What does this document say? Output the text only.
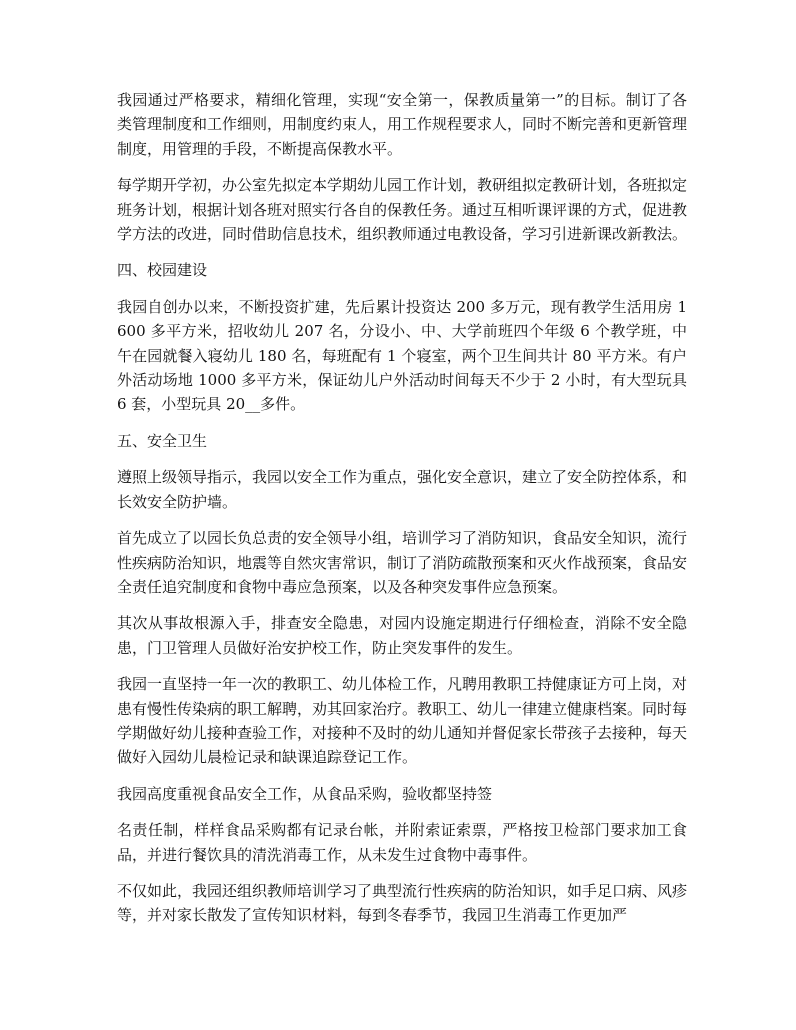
我园通过严格要求，精细化管理，实现“安全第一，保教质量第一”的目标。制订了各类管理制度和工作细则，用制度约束人，用工作规程要求人，同时不断完善和更新管理制度，用管理的手段，不断提高保教水平。

每学期开学初，办公室先拟定本学期幼儿园工作计划，教研组拟定教研计划，各班拟定班务计划，根据计划各班对照实行各自的保教任务。通过互相听课评课的方式，促进教学方法的改进，同时借助信息技术，组织教师通过电教设备，学习引进新课改新教法。

四、校园建设

我园自创办以来，不断投资扩建，先后累计投资达 200 多万元，现有教学生活用房 1600 多平方米，招收幼儿 207 名，分设小、中、大学前班四个年级 6 个教学班，中午在园就餐入寝幼儿 180 名，每班配有 1 个寝室，两个卫生间共计 80 平方米。有户外活动场地 1000 多平方米，保证幼儿户外活动时间每天不少于 2 小时，有大型玩具 6 套，小型玩具 20__多件。

五、安全卫生

遵照上级领导指示，我园以安全工作为重点，强化安全意识，建立了安全防控体系，和长效安全防护墙。

首先成立了以园长负总责的安全领导小组，培训学习了消防知识，食品安全知识，流行性疾病防治知识，地震等自然灾害常识，制订了消防疏散预案和灭火作战预案，食品安全责任追究制度和食物中毒应急预案，以及各种突发事件应急预案。

其次从事故根源入手，排查安全隐患，对园内设施定期进行仔细检查，消除不安全隐患，门卫管理人员做好治安护校工作，防止突发事件的发生。

我园一直坚持一年一次的教职工、幼儿体检工作，凡聘用教职工持健康证方可上岗，对患有慢性传染病的职工解聘，劝其回家治疗。教职工、幼儿一律建立健康档案。同时每学期做好幼儿接种查验工作，对接种不及时的幼儿通知并督促家长带孩子去接种，每天做好入园幼儿晨检记录和缺课追踪登记工作。

我园高度重视食品安全工作，从食品采购，验收都坚持签

名责任制，样样食品采购都有记录台帐，并附索证索票，严格按卫检部门要求加工食品，并进行餐饮具的清洗消毒工作，从未发生过食物中毒事件。

不仅如此，我园还组织教师培训学习了典型流行性疾病的防治知识，如手足口病、风疹等，并对家长散发了宣传知识材料，每到冬春季节，我园卫生消毒工作更加严
